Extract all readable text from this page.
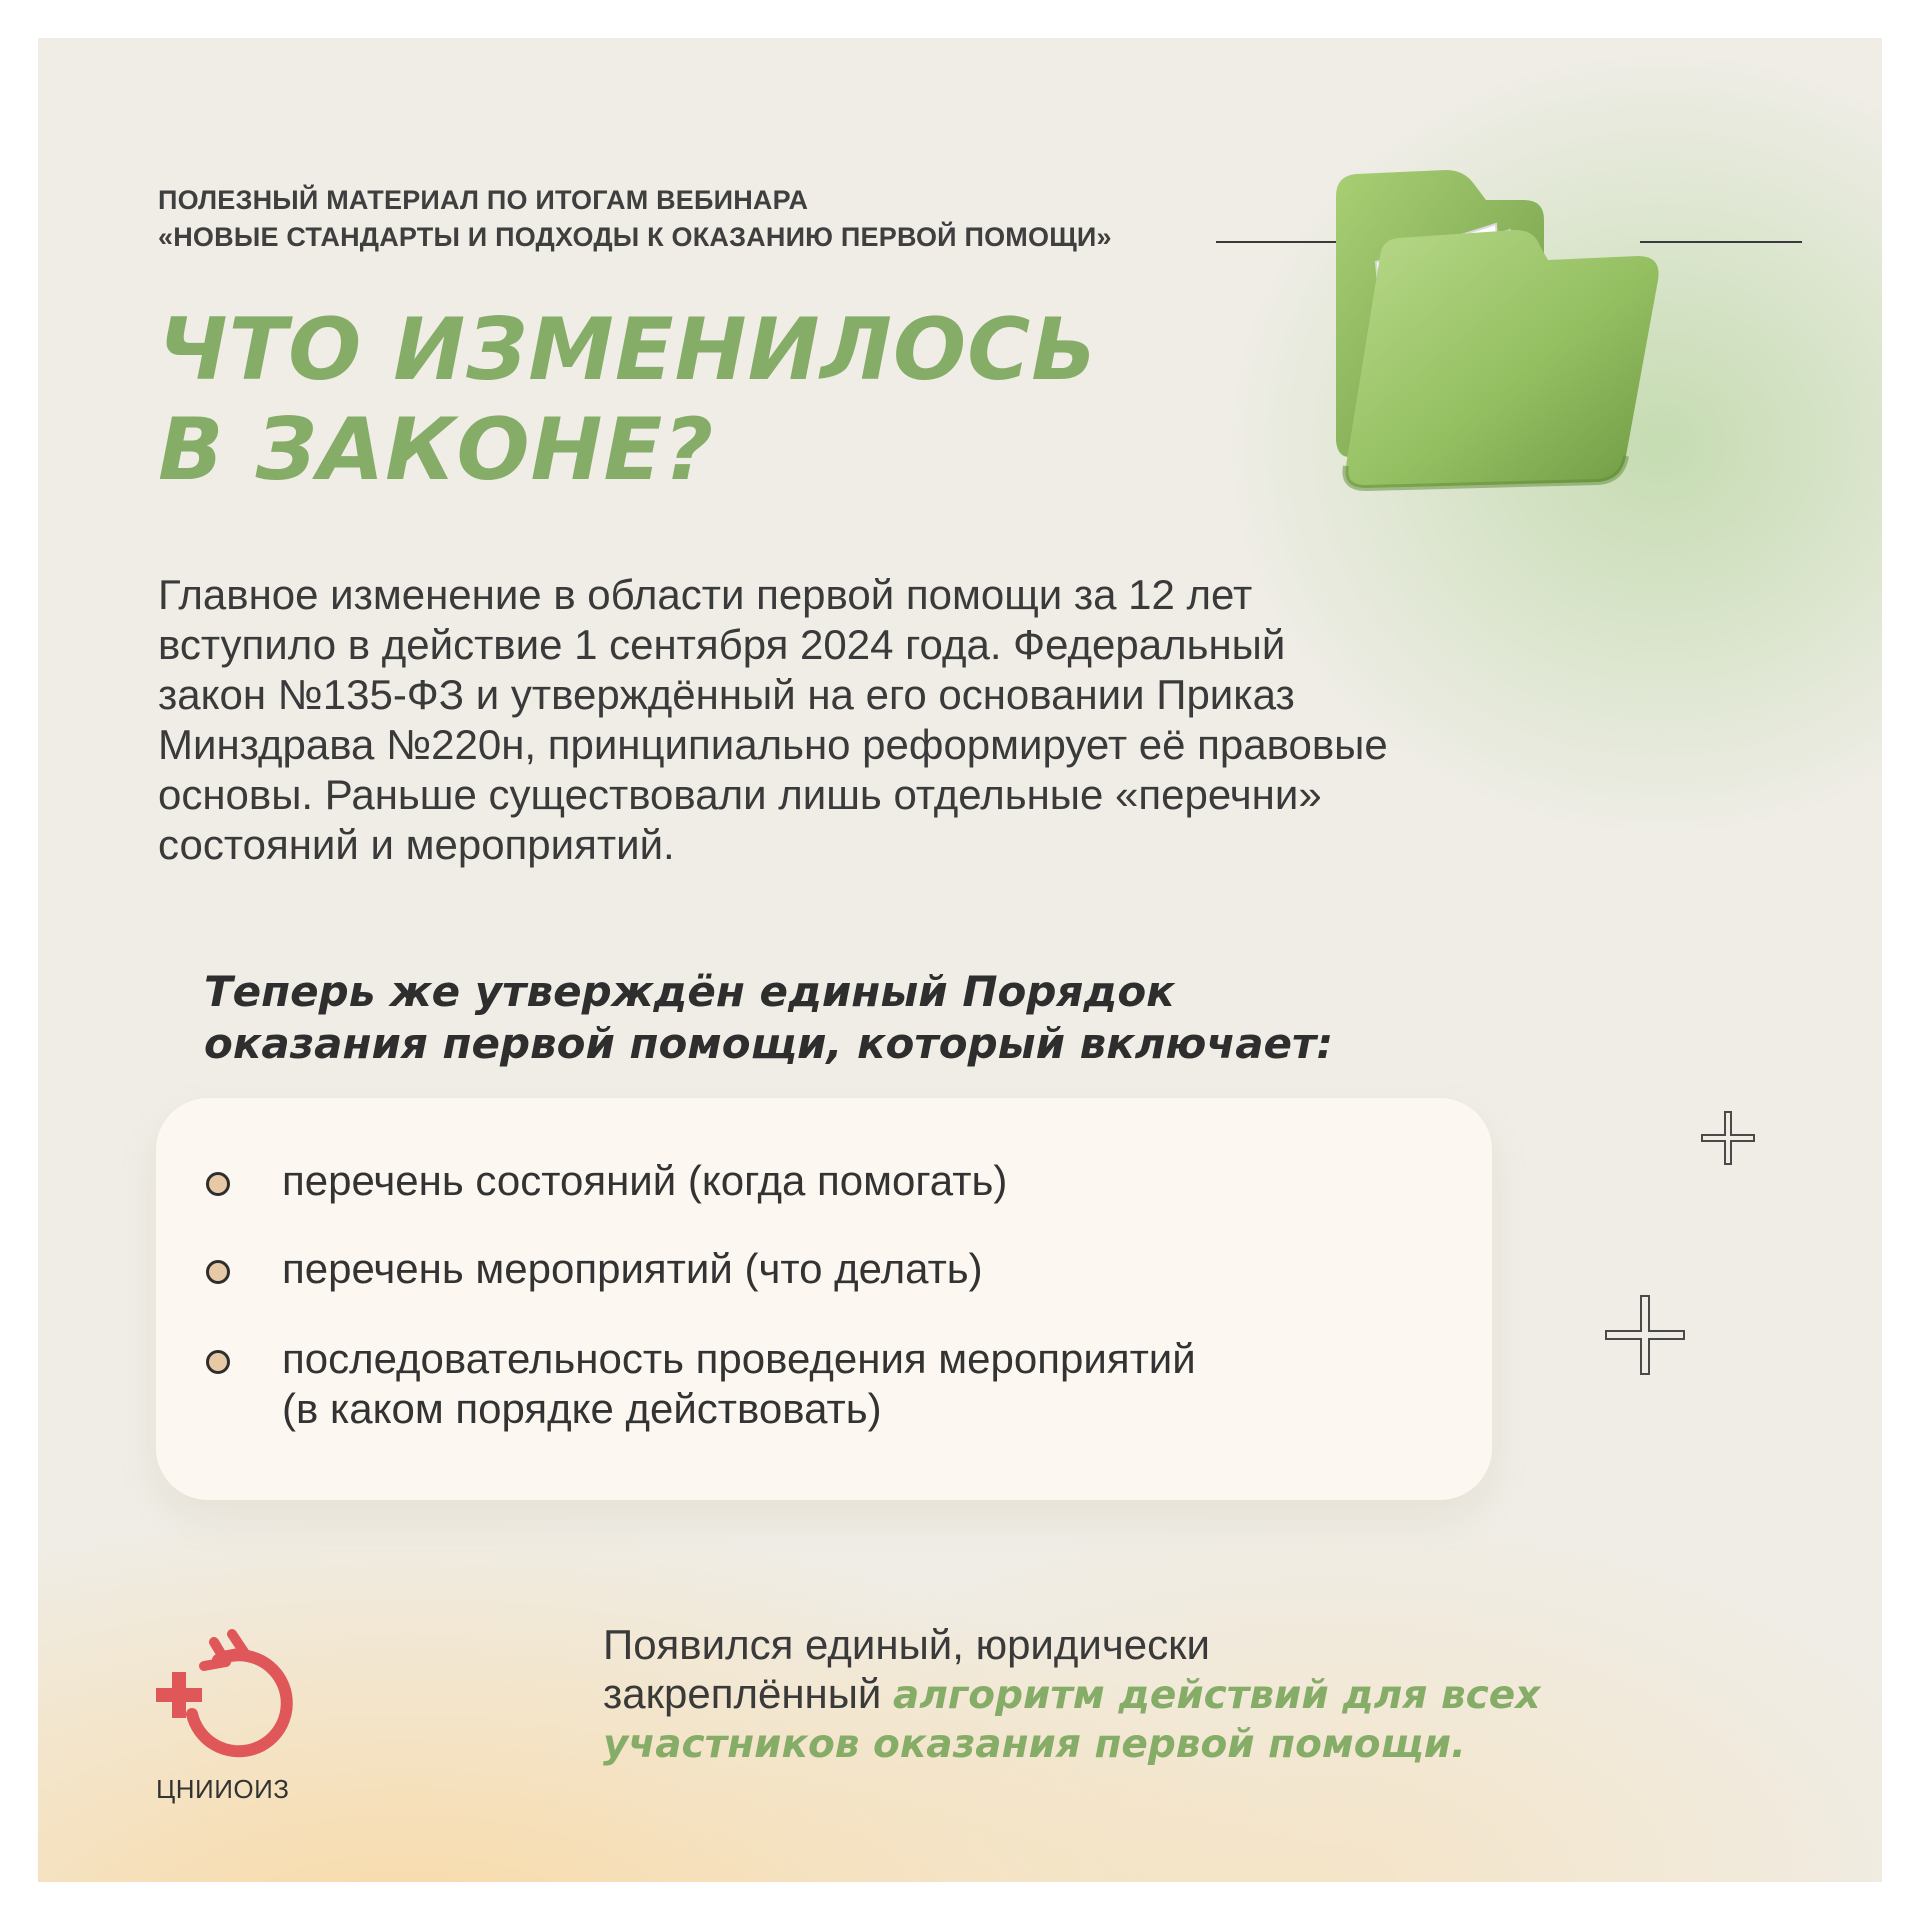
ПОЛЕЗНЫЙ МАТЕРИАЛ ПО ИТОГАМ ВЕБИНАРА
«НОВЫЕ СТАНДАРТЫ И ПОДХОДЫ К ОКАЗАНИЮ ПЕРВОЙ ПОМОЩИ»
ЧТО ИЗМЕНИЛОСЬ
В ЗАКОНЕ?
Главное изменение в области первой помощи за 12 лет
вступило в действие 1 сентября 2024 года. Федеральный
закон №135-ФЗ и утверждённый на его основании Приказ
Минздрава №220н, принципиально реформирует её правовые
основы. Раньше существовали лишь отдельные «перечни»
состояний и мероприятий.
Теперь же утверждён единый Порядок
оказания первой помощи, который включает:
перечень состояний (когда помогать)
перечень мероприятий (что делать)
последовательность проведения мероприятий
(в каком порядке действовать)
ЦНИИОИЗ
Появился единый, юридически
закреплённый алгоритм действий для всех
участников оказания первой помощи.
